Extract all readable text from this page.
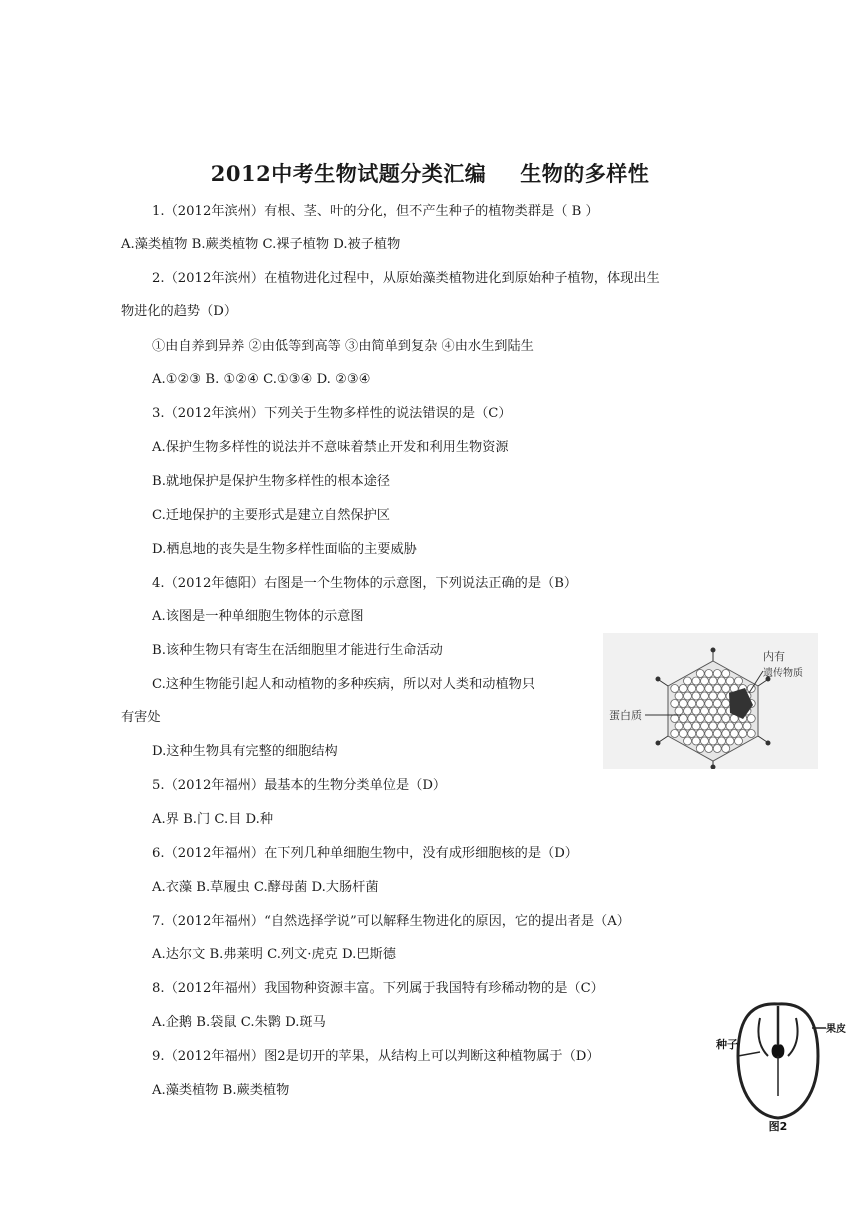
2012中考生物试题分类汇编 生物的多样性
1.（2012年滨州）有根、茎、叶的分化，但不产生种子的植物类群是（ B ）
A.藻类植物 B.蕨类植物 C.裸子植物 D.被子植物
2.（2012年滨州）在植物进化过程中，从原始藻类植物进化到原始种子植物，体现出生
物进化的趋势（D）
①由自养到异养 ②由低等到高等 ③由简单到复杂 ④由水生到陆生
A.①②③ B. ①②④ C.①③④ D. ②③④
3.（2012年滨州）下列关于生物多样性的说法错误的是（C）
A.保护生物多样性的说法并不意味着禁止开发和利用生物资源
B.就地保护是保护生物多样性的根本途径
C.迁地保护的主要形式是建立自然保护区
D.栖息地的丧失是生物多样性面临的主要威胁
4.（2012年德阳）右图是一个生物体的示意图，下列说法正确的是（B）
A.该图是一种单细胞生物体的示意图
B.该种生物只有寄生在活细胞里才能进行生命活动
C.这种生物能引起人和动植物的多种疾病，所以对人类和动植物只
有害处
D.这种生物具有完整的细胞结构
5.（2012年福州）最基本的生物分类单位是（D）
A.界 B.门 C.目 D.种
6.（2012年福州）在下列几种单细胞生物中，没有成形细胞核的是（D）
A.衣藻 B.草履虫 C.酵母菌 D.大肠杆菌
7.（2012年福州）“自然选择学说”可以解释生物进化的原因，它的提出者是（A）
A.达尔文 B.弗莱明 C.列文·虎克 D.巴斯德
8.（2012年福州）我国物种资源丰富。下列属于我国特有珍稀动物的是（C）
A.企鹅 B.袋鼠 C.朱鹮 D.斑马
9.（2012年福州）图2是切开的苹果，从结构上可以判断这种植物属于（D）
A.藻类植物 B.蕨类植物
内有
遗传物质
蛋白质
种子
果皮
图2
